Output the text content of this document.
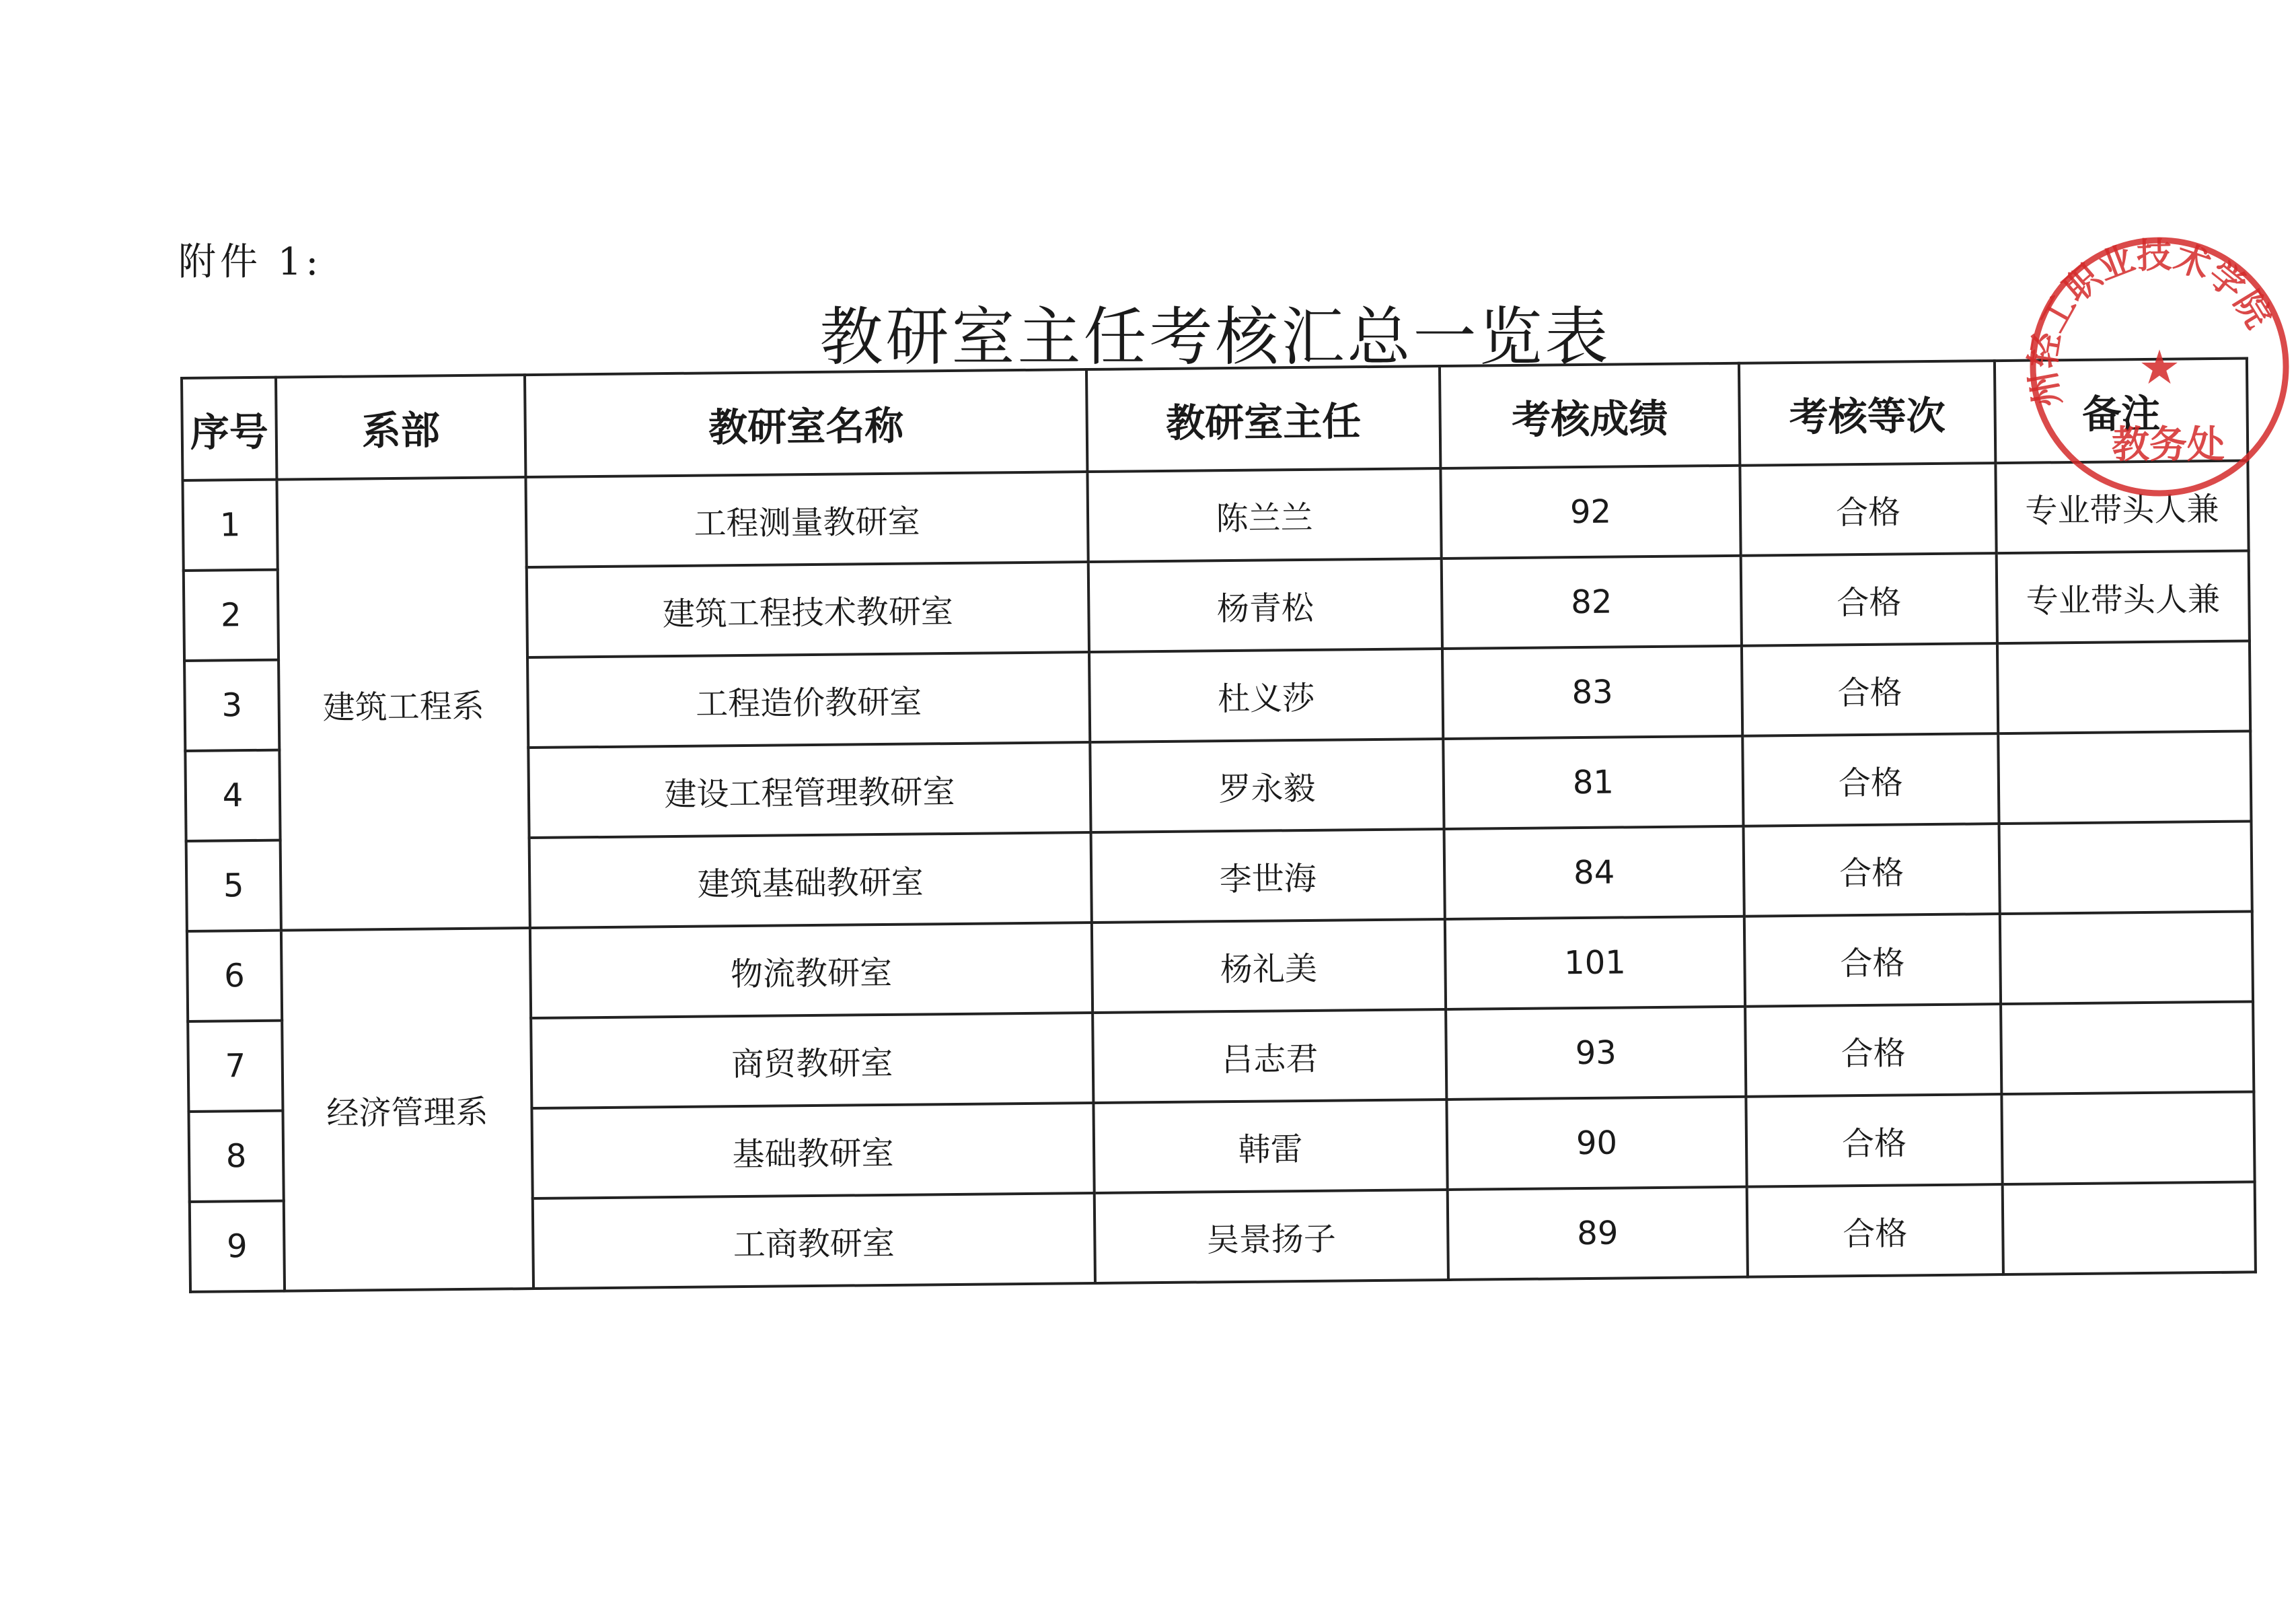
附件 1:
教研室主任考核汇总一览表
序号	系部	教研室名称	教研室主任	考核成绩	考核等次	备注
1	建筑工程系	工程测量教研室	陈兰兰	92	合格	专业带头人兼
2		建筑工程技术教研室	杨青松	82	合格	专业带头人兼
3		工程造价教研室	杜义莎	83	合格	
4		建设工程管理教研室	罗永毅	81	合格	
5		建筑基础教研室	李世海	84	合格	
6	经济管理系	物流教研室	杨礼美	101	合格	
7		商贸教研室	吕志君	93	合格	
8		基础教研室	韩雷	90	合格	
9		工商教研室	吴景扬子	89	合格	
州轻工职业技术学院
★
教务处
